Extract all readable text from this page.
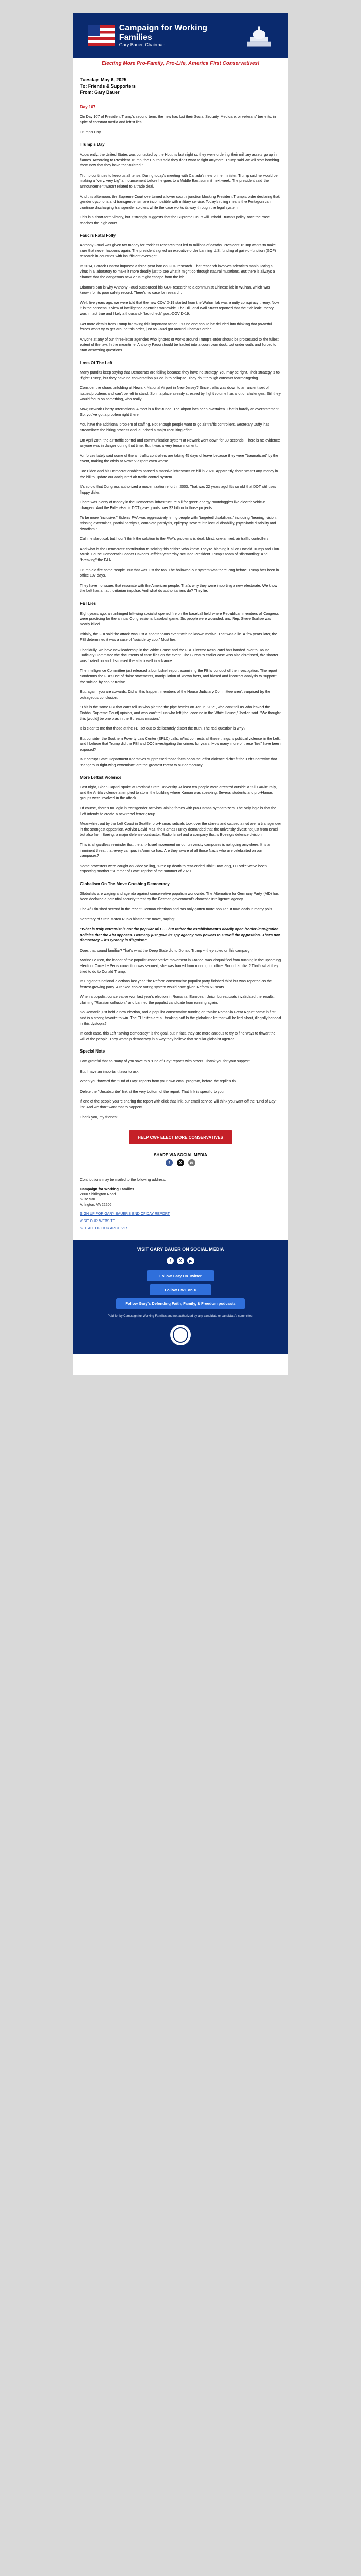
Campaign for Working Families
Gary Bauer, Chairman
Electing More Pro-Family, Pro-Life, America First Conservatives!
Tuesday, May 6, 2025
To: Friends & Supporters
From: Gary Bauer
Day 107

On Day 107 of President Trump's second term, the new has lost their Social Security, Medicare, or veterans' benefits, in spite of constant media and leftist lies.

Trump's Day

Trump's Day

Apparently, the United States was contacted by the Houthis last night so they were ordering their military assets go up in flames. According to President Trump, the Houthis said they don't want to fight anymore. Trump said we will stop bombing them now that they have "capitulated."

Trump continues to keep us all tense. During today's meeting with Canada's new prime minister, Trump said he would be making a "very, very big" announcement before he goes to a Middle East summit next week. The president said the announcement wasn't related to a trade deal.

And this afternoon, the Supreme Court overturned a lower court injunction blocking President Trump's order declaring that gender dysphoria and transgenderism are incompatible with military service. Today's ruling means the Pentagon can continue discharging transgender soldiers while the case works its way through the legal system.

This is a short-term victory, but it strongly suggests that the Supreme Court will uphold Trump's policy once the case reaches the high court.

Fauci's Fatal Folly

Anthony Fauci was given tax money for reckless research that led to millions of deaths. President Trump wants to make sure that never happens again. The president signed an executive order banning U.S. funding of gain-of-function (GOF) research in countries with insufficient oversight.

In 2014, Barack Obama imposed a three-year ban on GOF research. That research involves scientists manipulating a virus in a laboratory to make it more deadly just to see what it might do through natural mutations. But there is always a chance that the dangerous new virus might escape from the lab.

Obama's ban is why Anthony Fauci outsourced his GOF research to a communist Chinese lab in Wuhan, which was known for its poor safety record. There's no case for research.

Well, five years ago, we were told that the new COVID-19 started from the Wuhan lab was a nutty conspiracy theory. Now it is the consensus view of intelligence agencies worldwide. The Hill, and Wall Street reported that the "lab leak" theory was in fact true and likely a thousand- "fact-check" post-COVID-19.

Get more details from Trump for taking this important action. But no one should be deluded into thinking that powerful forces won't try to get around this order, just as Fauci got around Obama's order.

Anyone at any of our three-letter agencies who ignores or works around Trump's order should be prosecuted to the fullest extent of the law. In the meantime, Anthony Fauci should be hauled into a courtroom dock, put under oath, and forced to start answering questions.

Loss Of The Left

Many pundits keep saying that Democrats are failing because they have no strategy. You may be right. Their strategy is to "fight" Trump, but they have no conversation pulled in to collapse. They do it through constant fearmongering.

Consider the chaos unfolding at Newark National Airport in New Jersey? Since traffic was down to an ancient set of issues/problems and can't be left to stand. So in a place already stressed by flight volume has a lot of challenges. Still they would focus on something, who really.

Now, Newark Liberty International Airport is a fine-tuned. The airport has been overtaken. That is hardly an overstatement. So, you've got a problem right there.

You have the additional problem of staffing. Not enough people want to go air traffic controllers. Secretary Duffy has streamlined the hiring process and launched a major recruiting effort.

On April 28th, the air traffic control and communication system at Newark went down for 30 seconds. There is no evidence anyone was in danger during that time. But it was a very tense moment.

Air forces lately said some of the air traffic controllers are taking 45 days of leave because they were "traumatized" by the event, making the crisis at Newark airport even worse.

Joe Biden and his Democrat enablers passed a massive infrastructure bill in 2021. Apparently, there wasn't any money in the bill to update our antiquated air traffic control system.

It's so old that Congress authorized a modernization effort in 2003. That was 22 years ago! It's so old that DOT still uses floppy disks!

There was plenty of money in the Democrats' infrastructure bill for green energy boondoggles like electric vehicle chargers. And the Biden-Harris DOT gave grants over $2 billion to those projects.

To be more "inclusive," Biden's FAA was aggressively hiring people with "targeted disabilities," including "hearing, vision, missing extremities, partial paralysis, complete paralysis, epilepsy, severe intellectual disability, psychiatric disability and dwarfism."

Call me skeptical, but I don't think the solution to the FAA's problems is deaf, blind, one-armed, air traffic controllers.

And what is the Democrats' contribution to solving this crisis? Who knew. They're blaming it all on Donald Trump and Elon Musk. House Democratic Leader Hakeem Jeffries yesterday accused President Trump's team of "dismantling" and "breaking" the FAA.

Trump did fire some people. But that was just the top. The hollowed-out system was there long before. Trump has been in office 107 days.

They have no issues that resonate with the American people. That's why they were importing a new electorate. We know the Left has an authoritarian impulse. And what do authoritarians do? They lie.

FBI Lies

Eight years ago, an unhinged left-wing socialist opened fire on the baseball field where Republican members of Congress were practicing for the annual Congressional baseball game. Six people were wounded, and Rep. Steve Scalise was nearly killed.

Initially, the FBI said the attack was just a spontaneous event with no known motive. That was a lie. A few years later, the FBI determined it was a case of "suicide by cop." Most lies.

Thankfully, we have new leadership in the White House and the FBI. Director Kash Patel has handed over to House Judiciary Committee the documents of case files on the event. The Bureau's earlier case was also dismissed, the shooter was fixated on and discussed the attack well in advance.

The Intelligence Committee just released a bombshell report examining the FBI's conduct of the investigation. The report condemns the FBI's use of "false statements, manipulation of known facts, and biased and incorrect analysis to support" the suicide by cop narrative.

But, again, you are cowards. Did all this happen, members of the House Judiciary Committee aren't surprised by the outrageous conclusion.

"This is the same FBI that can't tell us who planted the pipe bombs on Jan. 6, 2021, who can't tell us who leaked the Dobbs [Supreme Court] opinion, and who can't tell us who left [the] cocaine in the White House," Jordan said. "We thought this [would] be one bias in the Bureau's mission."

It is clear to me that those at the FBI set out to deliberately distort the truth. The real question is why?

But consider the Southern Poverty Law Center (SPLC) calls. What connects all these things is political violence in the Left, and I believe that Trump did the FBI and DOJ investigating the crimes for years. How many more of these "lies" have been exposed?

But corrupt State Department operatives suppressed those facts because leftist violence didn't fit the Left's narrative that "dangerous right-wing extremism" are the greatest threat to our democracy.

More Leftist Violence

Last night, Biden Capitol spoke at Portland State University. At least ten people were arrested outside a "Kill Gavin" rally, and the Antifa violence attempted to storm the building where Kaman was speaking. Several students and pro-Hamas groups were involved in the attack.

Of course, there's no logic in transgender activists joining forces with pro-Hamas sympathizers. The only logic is that the Left intends to create a new rebel terror group.

Meanwhile, out by the Left Coast in Seattle, pro-Hamas radicals took over the streets and caused a riot over a transgender in the strongest opposition. Activist David Maz, the Hamas Hurley demanded that the university divest not just from Israel but also from Boeing, a major defense contractor. Radio Israel and a company that is Boeing's defense division.

This is all gardless reminder that the anti-Israel movement on our university campuses is not going anywhere. It is an imminent threat that every campus in America has. Are they aware of all those Nazis who are celebrated on our campuses?

Some protesters were caught on video yelling, "Free up death to rear-ended Bibi!" How long, O Lord? We've been expecting another "Summer of Love" reprise of the summer of 2020.

Globalism On The Move Crushing Democracy

Globalists are waging and agenda against conservative populism worldwide. The Alternative for Germany Party (AfD) has been declared a potential security threat by the German government's domestic intelligence agency.

The AfD finished second in the recent German elections and has only gotten more popular. It now leads in many polls.

Secretary of State Marco Rubio blasted the move, saying:

"What is truly extremist is not the popular AfD . . . but rather the establishment's deadly open border immigration policies that the AfD opposes. Germany just gave its spy agency new powers to surveil the opposition. That's not democracy -- it's tyranny in disguise."

Does that sound familiar? That's what the Deep State did to Donald Trump -- they spied on his campaign.

Marine Le Pen, the leader of the populist conservative movement in France, was disqualified from running in the upcoming election. Once Le Pen's conviction was secured, she was barred from running for office. Sound familiar? That's what they tried to do to Donald Trump.

In England's national elections last year, the Reform conservative populist party finished third but was reported as the fastest-growing party. A ranked choice voting system would have given Reform 60 seats.

When a populist conservative won last year's election in Romania, European Union bureaucrats invalidated the results, claiming "Russian collusion," and banned the populist candidate from running again.

So Romania just held a new election, and a populist conservative running on "Make Romania Great Again" came in first and is a strong favorite to win. The EU elites are all freaking out! Is the globalist elite that will be lied about, illegally handed in this dystopia?

In each case, this Left "saving democracy" is the goal, but in fact, they are more anxious to try to find ways to thwart the will of the people. They worship democracy in a way they believe that secular globalist agenda.

Special Note

I am grateful that so many of you save this "End of Day" reports with others. Thank you for your support.

But I have an important favor to ask.

When you forward the "End of Day" reports from your own email program, before the replies tip.

Delete the "Unsubscribe" link at the very bottom of the report. That link is specific to you.

If one of the people you're sharing the report with click that link, our email service will think you want off the "End of Day" list. And we don't want that to happen!

Thank you, my friends!

HELP CWF ELECT MORE CONSERVATIVES
SHARE VIA SOCIAL MEDIA
f	X	✉

Contributions may be mailed to the following address:

Campaign for Working Families

2800 Shirlington Road

Suite 930

Arlington, VA 22206

SIGN UP FOR GARY BAUER'S END OF DAY REPORT

VISIT OUR WEBSITE

SEE ALL OF OUR ARCHIVES

VISIT GARY BAUER ON SOCIAL MEDIA
f	X	▶
Follow Gary On Twitter
Follow CWF on X
Follow Gary's Defending Faith, Family, & Freedom podcasts
Paid for by Campaign for Working Families and not authorized by any candidate or candidate's committee.
